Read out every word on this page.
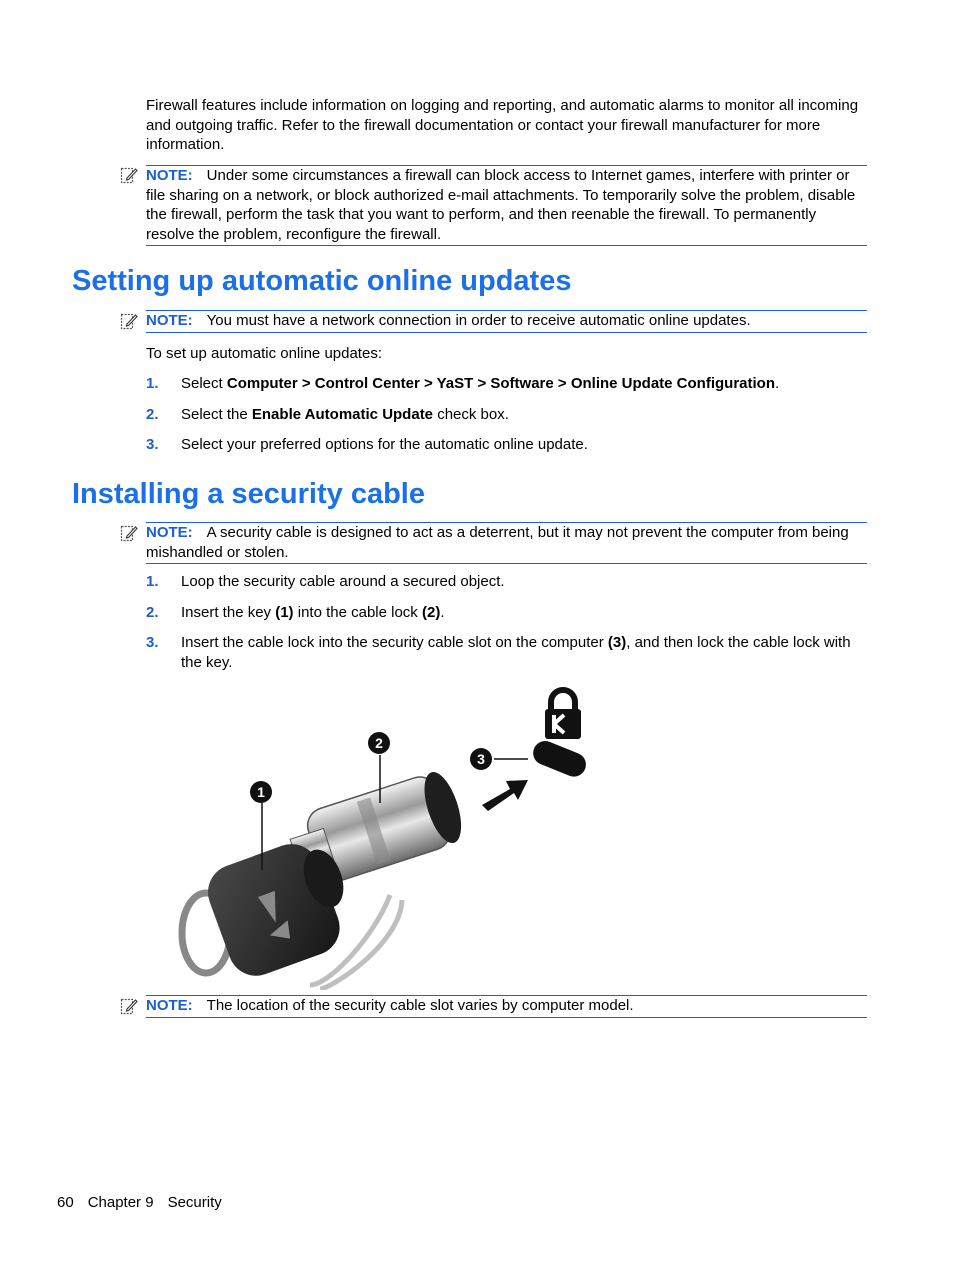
Firewall features include information on logging and reporting, and automatic alarms to monitor all incoming and outgoing traffic. Refer to the firewall documentation or contact your firewall manufacturer for more information.
NOTE: Under some circumstances a firewall can block access to Internet games, interfere with printer or file sharing on a network, or block authorized e-mail attachments. To temporarily solve the problem, disable the firewall, perform the task that you want to perform, and then reenable the firewall. To permanently resolve the problem, reconfigure the firewall.
Setting up automatic online updates
NOTE: You must have a network connection in order to receive automatic online updates.
To set up automatic online updates:
1. Select Computer > Control Center > YaST > Software > Online Update Configuration.
2. Select the Enable Automatic Update check box.
3. Select your preferred options for the automatic online update.
Installing a security cable
NOTE: A security cable is designed to act as a deterrent, but it may not prevent the computer from being mishandled or stolen.
1. Loop the security cable around a secured object.
2. Insert the key (1) into the cable lock (2).
3. Insert the cable lock into the security cable slot on the computer (3), and then lock the cable lock with the key.
1
2
3
NOTE: The location of the security cable slot varies by computer model.
60 Chapter 9 Security
